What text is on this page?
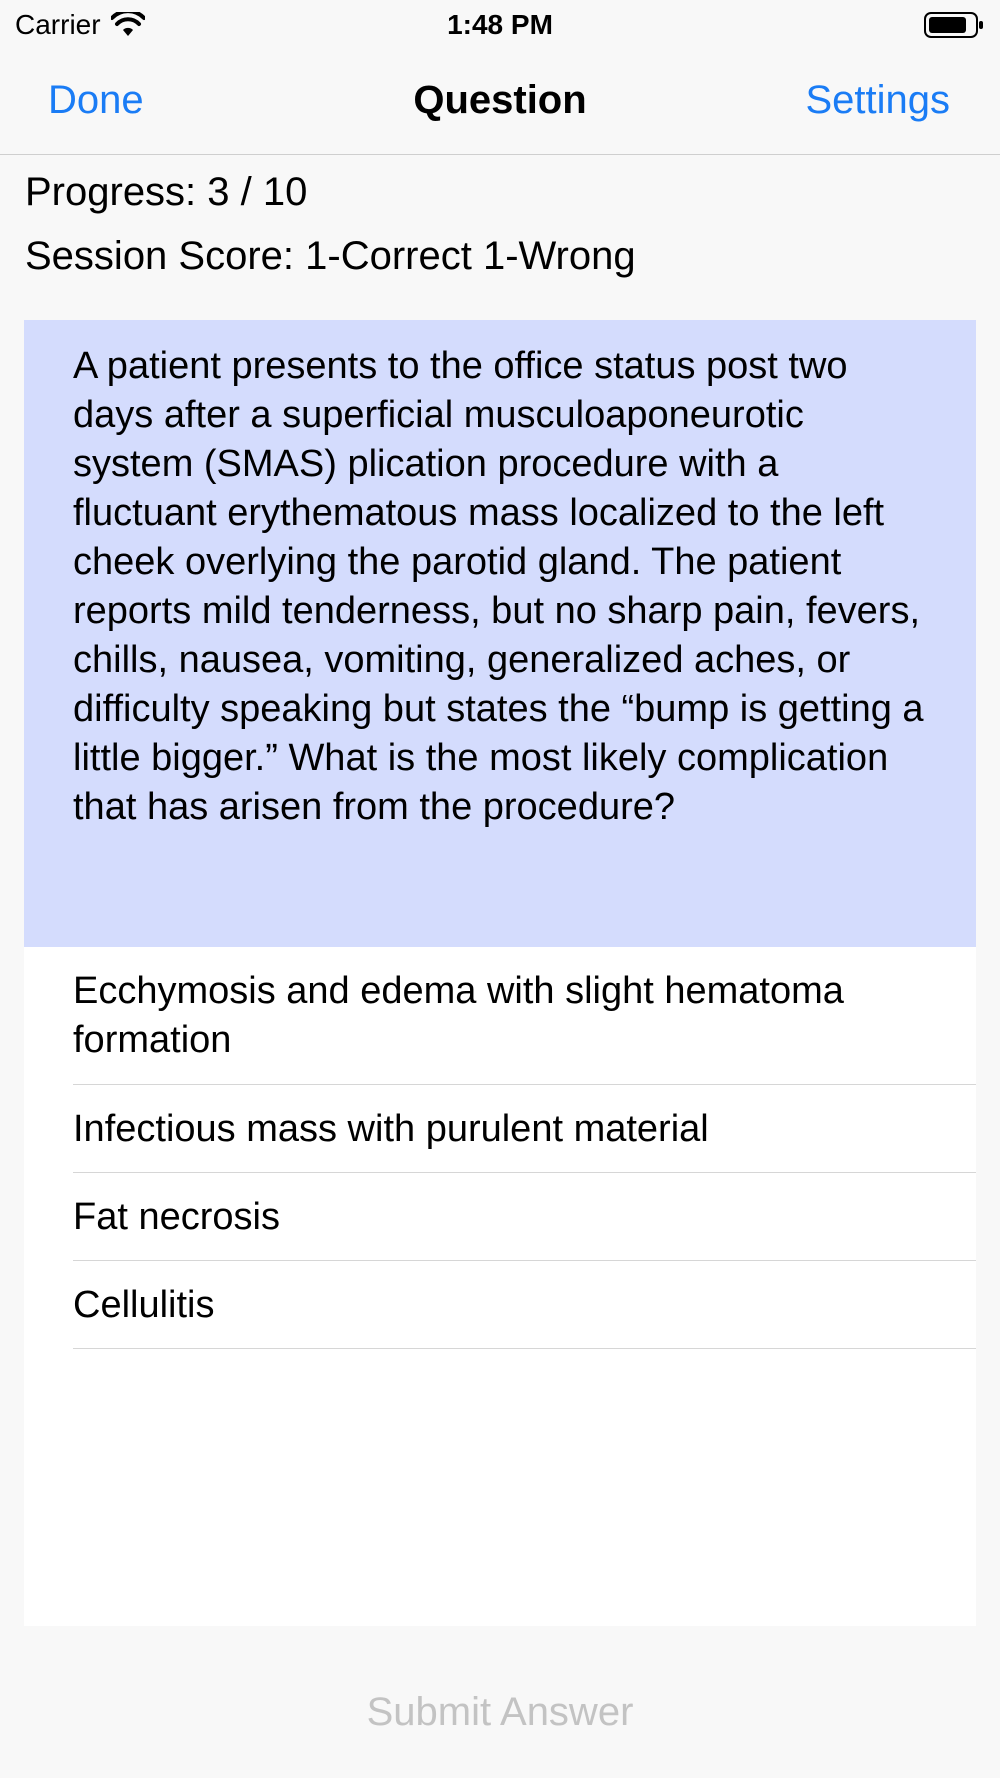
Carrier	1:48 PM
Done	Question	Settings
Progress: 3 / 10
Session Score: 1-Correct 1-Wrong
A patient presents to the office status post two days after a superficial musculoaponeurotic system (SMAS) plication procedure with a fluctuant erythematous mass localized to the left cheek overlying the parotid gland. The patient reports mild tenderness, but no sharp pain, fevers, chills, nausea, vomiting, generalized aches, or difficulty speaking but states the “bump is getting a little bigger.” What is the most likely complication that has arisen from the procedure?
Ecchymosis and edema with slight hematoma formation
Infectious mass with purulent material
Fat necrosis
Cellulitis
Submit Answer
